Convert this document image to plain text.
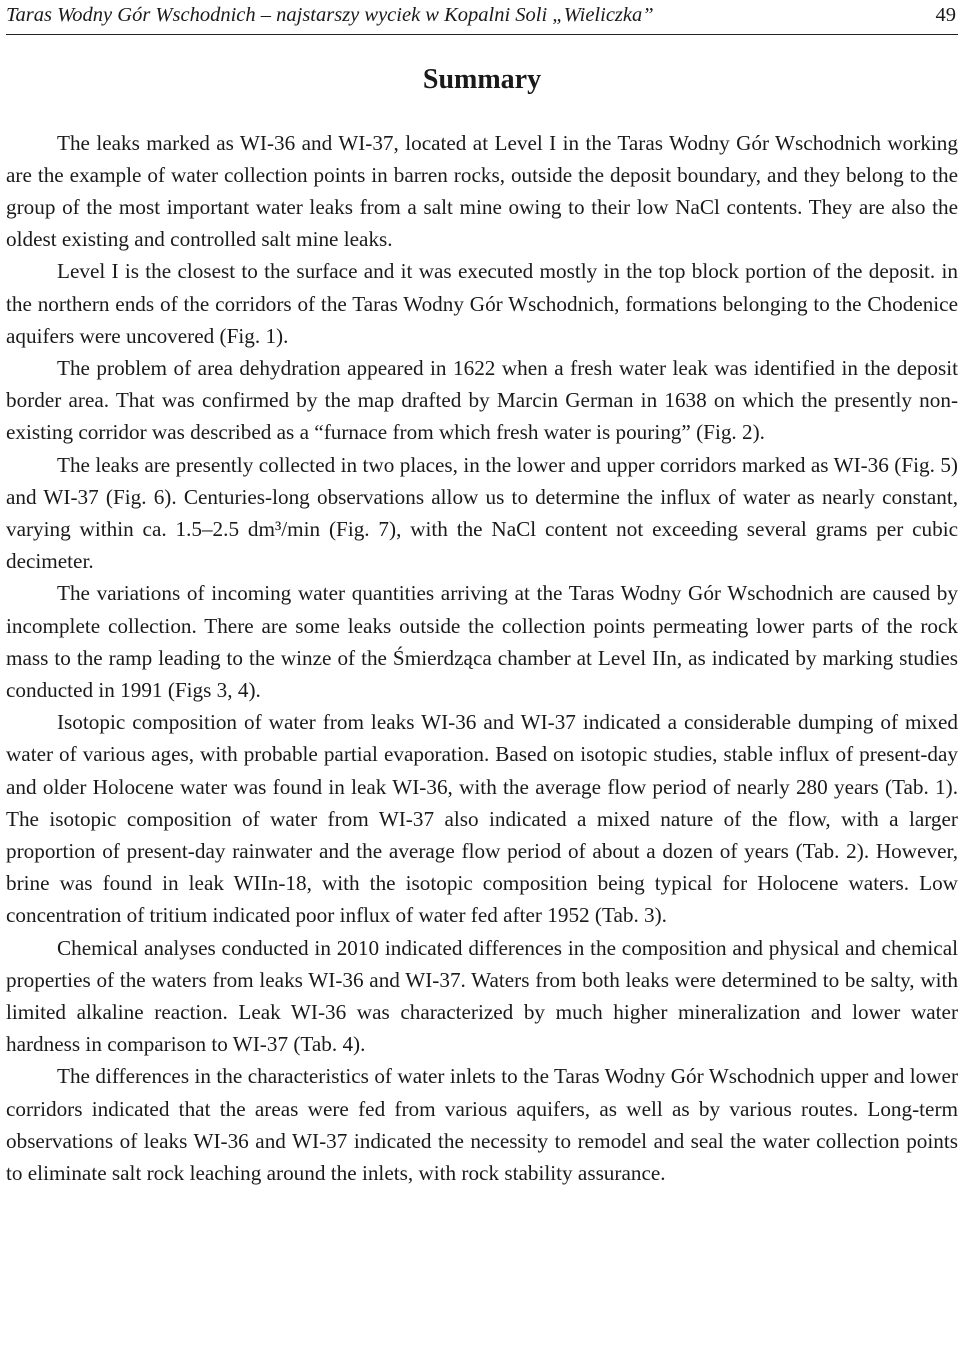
Taras Wodny Gór Wschodnich – najstarszy wyciek w Kopalni Soli „Wieliczka”	49
Summary

The leaks marked as WI-36 and WI-37, located at Level I in the Taras Wodny Gór Wschodnich working are the example of water collection points in barren rocks, outside the deposit boundary, and they belong to the group of the most important water leaks from a salt mine owing to their low NaCl contents. They are also the oldest existing and controlled salt mine leaks.

Level I is the closest to the surface and it was executed mostly in the top block portion of the deposit. in the northern ends of the corridors of the Taras Wodny Gór Wschodnich, formations belonging to the Chodenice aquifers were uncovered (Fig. 1).

The problem of area dehydration appeared in 1622 when a fresh water leak was identified in the deposit border area. That was confirmed by the map drafted by Marcin German in 1638 on which the presently non-existing corridor was described as a “furnace from which fresh water is pouring” (Fig. 2).

The leaks are presently collected in two places, in the lower and upper corridors marked as WI-36 (Fig. 5) and WI-37 (Fig. 6). Centuries-long observations allow us to determine the influx of water as nearly constant, varying within ca. 1.5–2.5 dm³/min (Fig. 7), with the NaCl content not exceeding several grams per cubic decimeter.

The variations of incoming water quantities arriving at the Taras Wodny Gór Wschodnich are caused by incomplete collection. There are some leaks outside the collection points permeating lower parts of the rock mass to the ramp leading to the winze of the Śmierdząca chamber at Level IIn, as indicated by marking studies conducted in 1991 (Figs 3, 4).

Isotopic composition of water from leaks WI-36 and WI-37 indicated a considerable dumping of mixed water of various ages, with probable partial evaporation. Based on isotopic studies, stable influx of present-day and older Holocene water was found in leak WI-36, with the average flow period of nearly 280 years (Tab. 1). The isotopic composition of water from WI-37 also indicated a mixed nature of the flow, with a larger proportion of present-day rainwater and the average flow period of about a dozen of years (Tab. 2). However, brine was found in leak WIIn-18, with the isotopic composition being typical for Holocene waters. Low concentration of tritium indicated poor influx of water fed after 1952 (Tab. 3).

Chemical analyses conducted in 2010 indicated differences in the composition and physical and chemical properties of the waters from leaks WI-36 and WI-37. Waters from both leaks were determined to be salty, with limited alkaline reaction. Leak WI-36 was characterized by much higher mineralization and lower water hardness in comparison to WI-37 (Tab. 4).

The differences in the characteristics of water inlets to the Taras Wodny Gór Wschodnich upper and lower corridors indicated that the areas were fed from various aquifers, as well as by various routes. Long-term observations of leaks WI-36 and WI-37 indicated the necessity to remodel and seal the water collection points to eliminate salt rock leaching around the inlets, with rock stability assurance.
